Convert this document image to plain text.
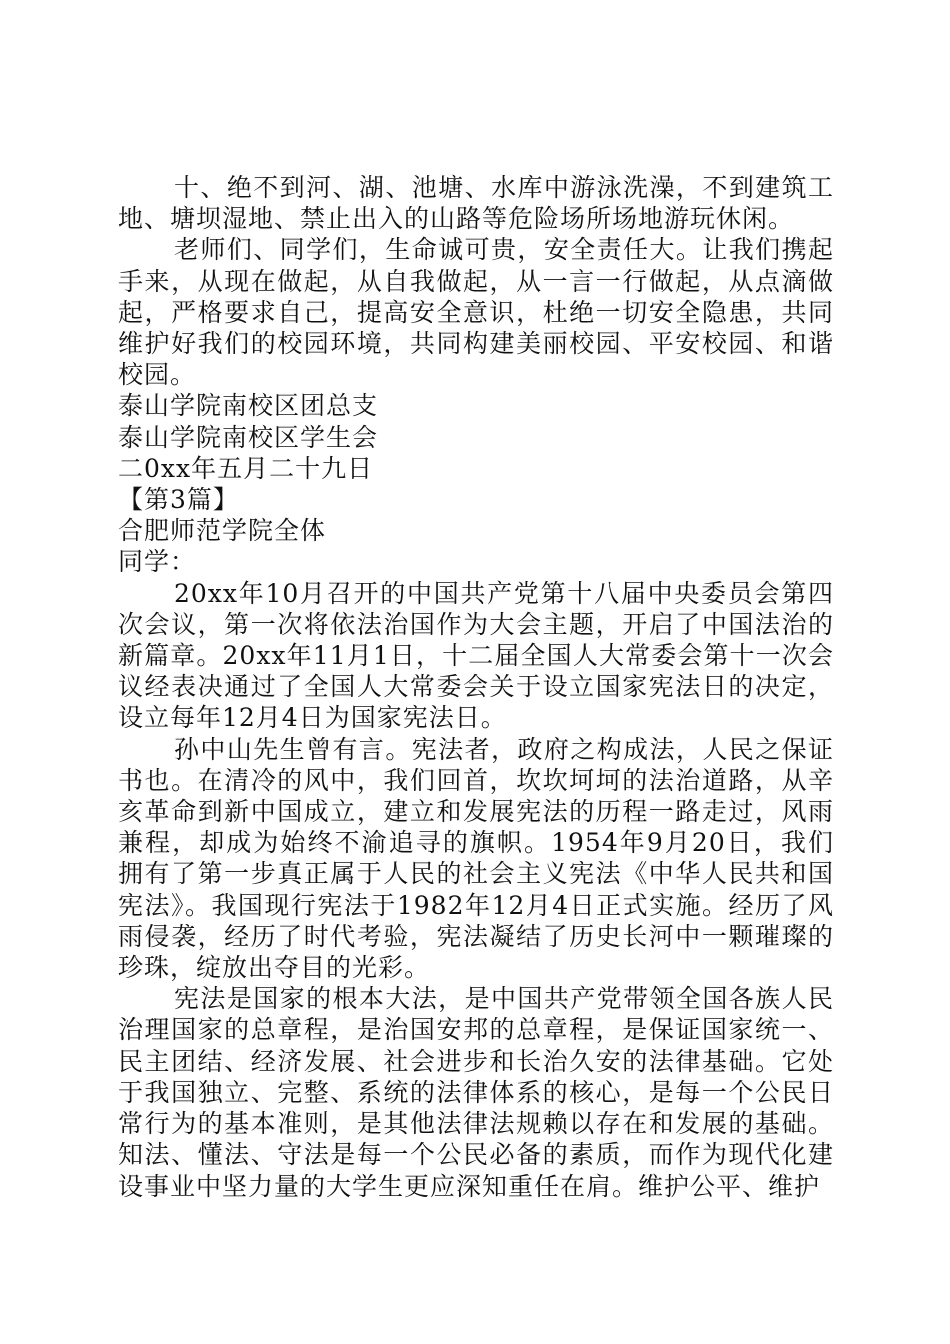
十、绝不到河、湖、池塘、水库中游泳洗澡，不到建筑工地、塘坝湿地、禁止出入的山路等危险场所场地游玩休闲。

老师们、同学们，生命诚可贵，安全责任大。让我们携起手来，从现在做起，从自我做起，从一言一行做起，从点滴做起，严格要求自己，提高安全意识，杜绝一切安全隐患，共同维护好我们的校园环境，共同构建美丽校园、平安校园、和谐校园。

泰山学院南校区团总支

泰山学院南校区学生会

二0xx年五月二十九日

【第3篇】

合肥师范学院全体

同学：

20xx年10月召开的中国共产党第十八届中央委员会第四次会议，第一次将依法治国作为大会主题，开启了中国法治的新篇章。20xx年11月1日，十二届全国人大常委会第十一次会议经表决通过了全国人大常委会关于设立国家宪法日的决定，设立每年12月4日为国家宪法日。

孙中山先生曾有言。宪法者，政府之构成法，人民之保证书也。在清冷的风中，我们回首，坎坎坷坷的法治道路，从辛亥革命到新中国成立，建立和发展宪法的历程一路走过，风雨兼程，却成为始终不渝追寻的旗帜。1954年9月20日，我们拥有了第一步真正属于人民的社会主义宪法《中华人民共和国宪法》。我国现行宪法于1982年12月4日正式实施。经历了风雨侵袭，经历了时代考验，宪法凝结了历史长河中一颗璀璨的珍珠，绽放出夺目的光彩。

宪法是国家的根本大法，是中国共产党带领全国各族人民治理国家的总章程，是治国安邦的总章程，是保证国家统一、民主团结、经济发展、社会进步和长治久安的法律基础。它处于我国独立、完整、系统的法律体系的核心，是每一个公民日常行为的基本准则，是其他法律法规赖以存在和发展的基础。知法、懂法、守法是每一个公民必备的素质，而作为现代化建设事业中坚力量的大学生更应深知重任在肩。维护公平、维护
